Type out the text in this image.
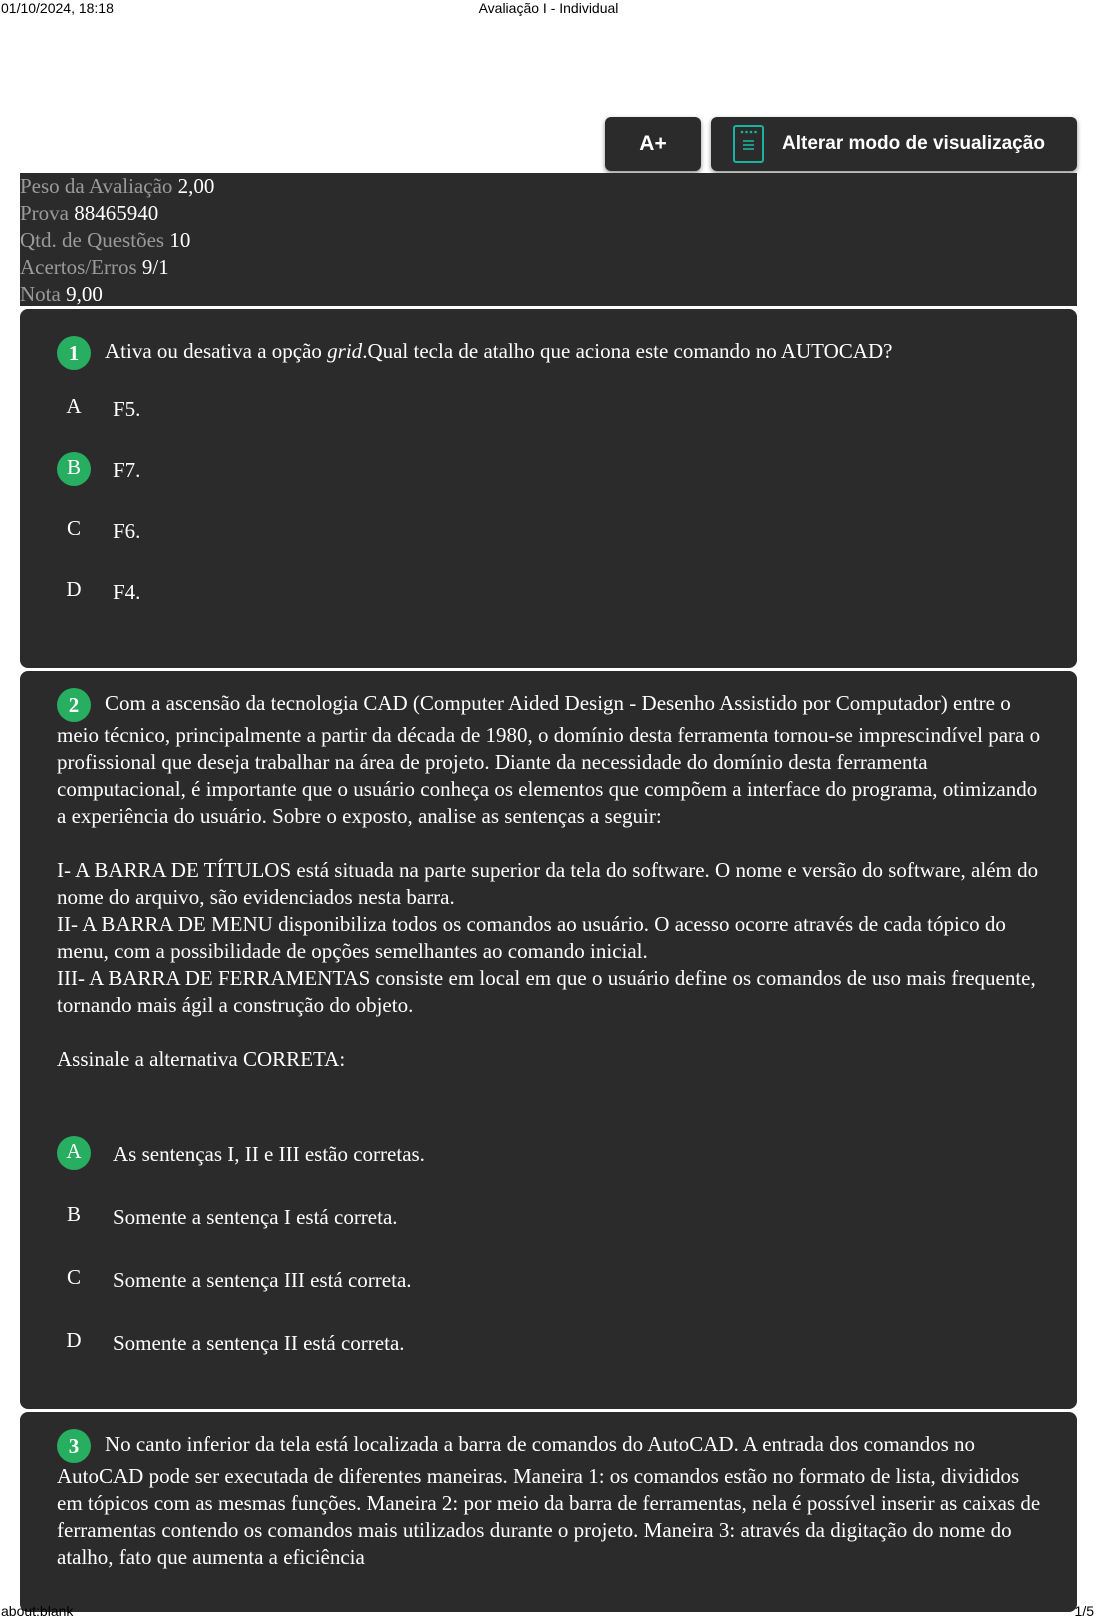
01/10/2024, 18:18	Avaliação I - Individual
A+	Alterar modo de visualização
Peso da Avaliação 2,00
Prova 88465940
Qtd. de Questões 10
Acertos/Erros 9/1
Nota 9,00
1 Ativa ou desativa a opção grid.Qual tecla de atalho que aciona este comando no AUTOCAD?
A	F5.
B	F7.
C	F6.
D	F4.

2 Com a ascensão da tecnologia CAD (Computer Aided Design - Desenho Assistido por Computador) entre o meio técnico, principalmente a partir da década de 1980, o domínio desta ferramenta tornou-se imprescindível para o profissional que deseja trabalhar na área de projeto. Diante da necessidade do domínio desta ferramenta computacional, é importante que o usuário conheça os elementos que compõem a interface do programa, otimizando a experiência do usuário. Sobre o exposto, analise as sentenças a seguir:

I- A BARRA DE TÍTULOS está situada na parte superior da tela do software. O nome e versão do software, além do nome do arquivo, são evidenciados nesta barra.

II- A BARRA DE MENU disponibiliza todos os comandos ao usuário. O acesso ocorre através de cada tópico do menu, com a possibilidade de opções semelhantes ao comando inicial.

III- A BARRA DE FERRAMENTAS consiste em local em que o usuário define os comandos de uso mais frequente, tornando mais ágil a construção do objeto.

Assinale a alternativa CORRETA:

A	As sentenças I, II e III estão corretas.
B	Somente a sentença I está correta.
C	Somente a sentença III está correta.
D	Somente a sentença II está correta.

3 No canto inferior da tela está localizada a barra de comandos do AutoCAD. A entrada dos comandos no AutoCAD pode ser executada de diferentes maneiras. Maneira 1: os comandos estão no formato de lista, divididos em tópicos com as mesmas funções. Maneira 2: por meio da barra de ferramentas, nela é possível inserir as caixas de ferramentas contendo os comandos mais utilizados durante o projeto. Maneira 3: através da digitação do nome do atalho, fato que aumenta a eficiência

about:blank	1/5
